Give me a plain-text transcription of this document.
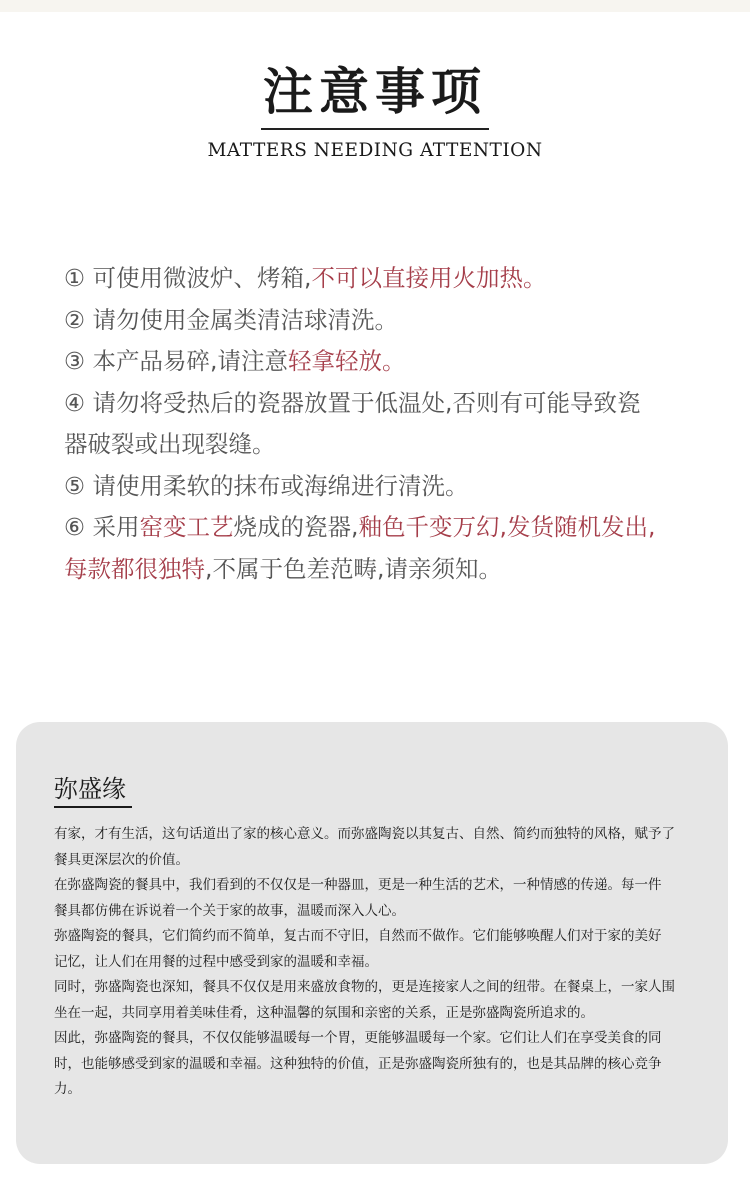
注意事项
MATTERS NEEDING ATTENTION
① 可使用微波炉、烤箱,不可以直接用火加热。
② 请勿使用金属类清洁球清洗。
③ 本产品易碎,请注意轻拿轻放。
④ 请勿将受热后的瓷器放置于低温处,否则有可能导致瓷
器破裂或出现裂缝。
⑤ 请使用柔软的抹布或海绵进行清洗。
⑥ 采用窑变工艺烧成的瓷器,釉色千变万幻,发货随机发出,
每款都很独特,不属于色差范畴,请亲须知。
弥盛缘

有家，才有生活，这句话道出了家的核心意义。而弥盛陶瓷以其复古、自然、简约而独特的风格，赋予了

餐具更深层次的价值。

在弥盛陶瓷的餐具中，我们看到的不仅仅是一种器皿，更是一种生活的艺术，一种情感的传递。每一件

餐具都仿佛在诉说着一个关于家的故事，温暖而深入人心。

弥盛陶瓷的餐具，它们简约而不简单，复古而不守旧，自然而不做作。它们能够唤醒人们对于家的美好

记忆，让人们在用餐的过程中感受到家的温暖和幸福。

同时，弥盛陶瓷也深知，餐具不仅仅是用来盛放食物的，更是连接家人之间的纽带。在餐桌上，一家人围

坐在一起，共同享用着美味佳肴，这种温馨的氛围和亲密的关系，正是弥盛陶瓷所追求的。

因此，弥盛陶瓷的餐具，不仅仅能够温暖每一个胃，更能够温暖每一个家。它们让人们在享受美食的同

时，也能够感受到家的温暖和幸福。这种独特的价值，正是弥盛陶瓷所独有的，也是其品牌的核心竞争

力。
